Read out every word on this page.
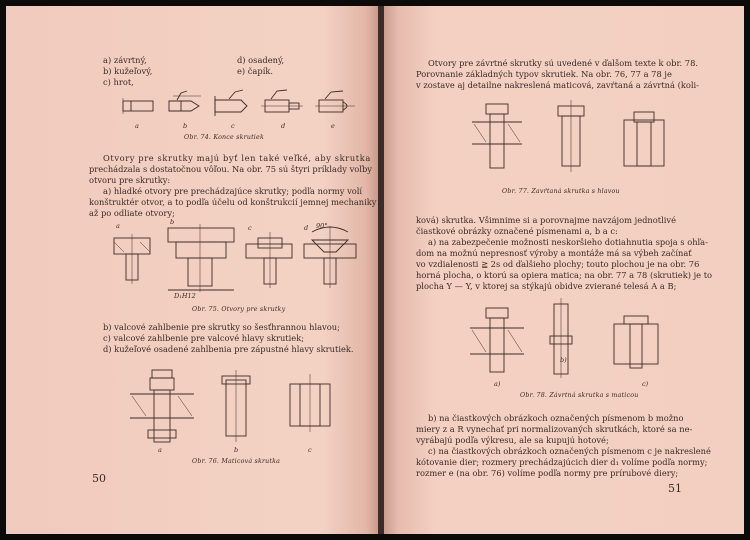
a) závrtný,
b) kužeľový,
c) hrot,
d) osadený,
e) čapík.
a	b	c	d	e
Obr. 74. Konce skrutiek
Otvory pre skrutky majú byť len také veľké, aby skrutka
prechádzala s dostatočnou vôľou. Na obr. 75 sú štyri príklady voľby
otvoru pre skrutky:
a) hladké otvory pre prechádzajúce skrutky; podľa normy volí
konštruktér otvor, a to podľa účelu od konštrukcií jemnej mechaniky
až po odliate otvory;
a	b
c	d 90°
D₁H12
Obr. 75. Otvory pre skrutky
b) valcové zahlbenie pre skrutky so šesťhrannou hlavou;
c) valcové zahlbenie pre valcové hlavy skrutiek;
d) kužeľové osadené zahlbenia pre zápustné hlavy skrutiek.
a	b	c
Obr. 76. Maticová skrutka
50
Otvory pre závrtné skrutky sú uvedené v ďalšom texte k obr. 78.
Porovnanie základných typov skrutiek. Na obr. 76, 77 a 78 je
v zostave aj detailne nakreslená maticová, zavŕtaná a závrtná (koli-
Obr. 77. Zavŕtaná skrutka s hlavou
ková) skrutka. Všimnime si a porovnajme navzájom jednotlivé
čiastkové obrázky označené písmenami a, b a c:
a) na zabezpečenie možnosti neskoršieho dotiahnutia spoja s ohľa-
dom na možnú nepresnosť výroby a montáže má sa výbeh začínať
vo vzdialenosti ≧ 2s od ďalšieho plochy; touto plochou je na obr. 76
horná plocha, o ktorú sa opiera matica; na obr. 77 a 78 (skrutiek) je to
plocha Y — Y, v ktorej sa stýkajú obidve zvierané telesá A a B;
a)
b)
c)
Obr. 78. Závrtná skrutka s maticou
b) na čiastkových obrázkoch označených písmenom b možno
miery z a R vynechať pri normalizovaných skrutkách, ktoré sa ne-
vyrábajú podľa výkresu, ale sa kupujú hotové;
c) na čiastkových obrázkoch označených písmenom c je nakreslené
kótovanie dier; rozmery prechádzajúcich dier d₁ volíme podľa normy;
rozmer e (na obr. 76) volíme podľa normy pre prírubové diery;
51
